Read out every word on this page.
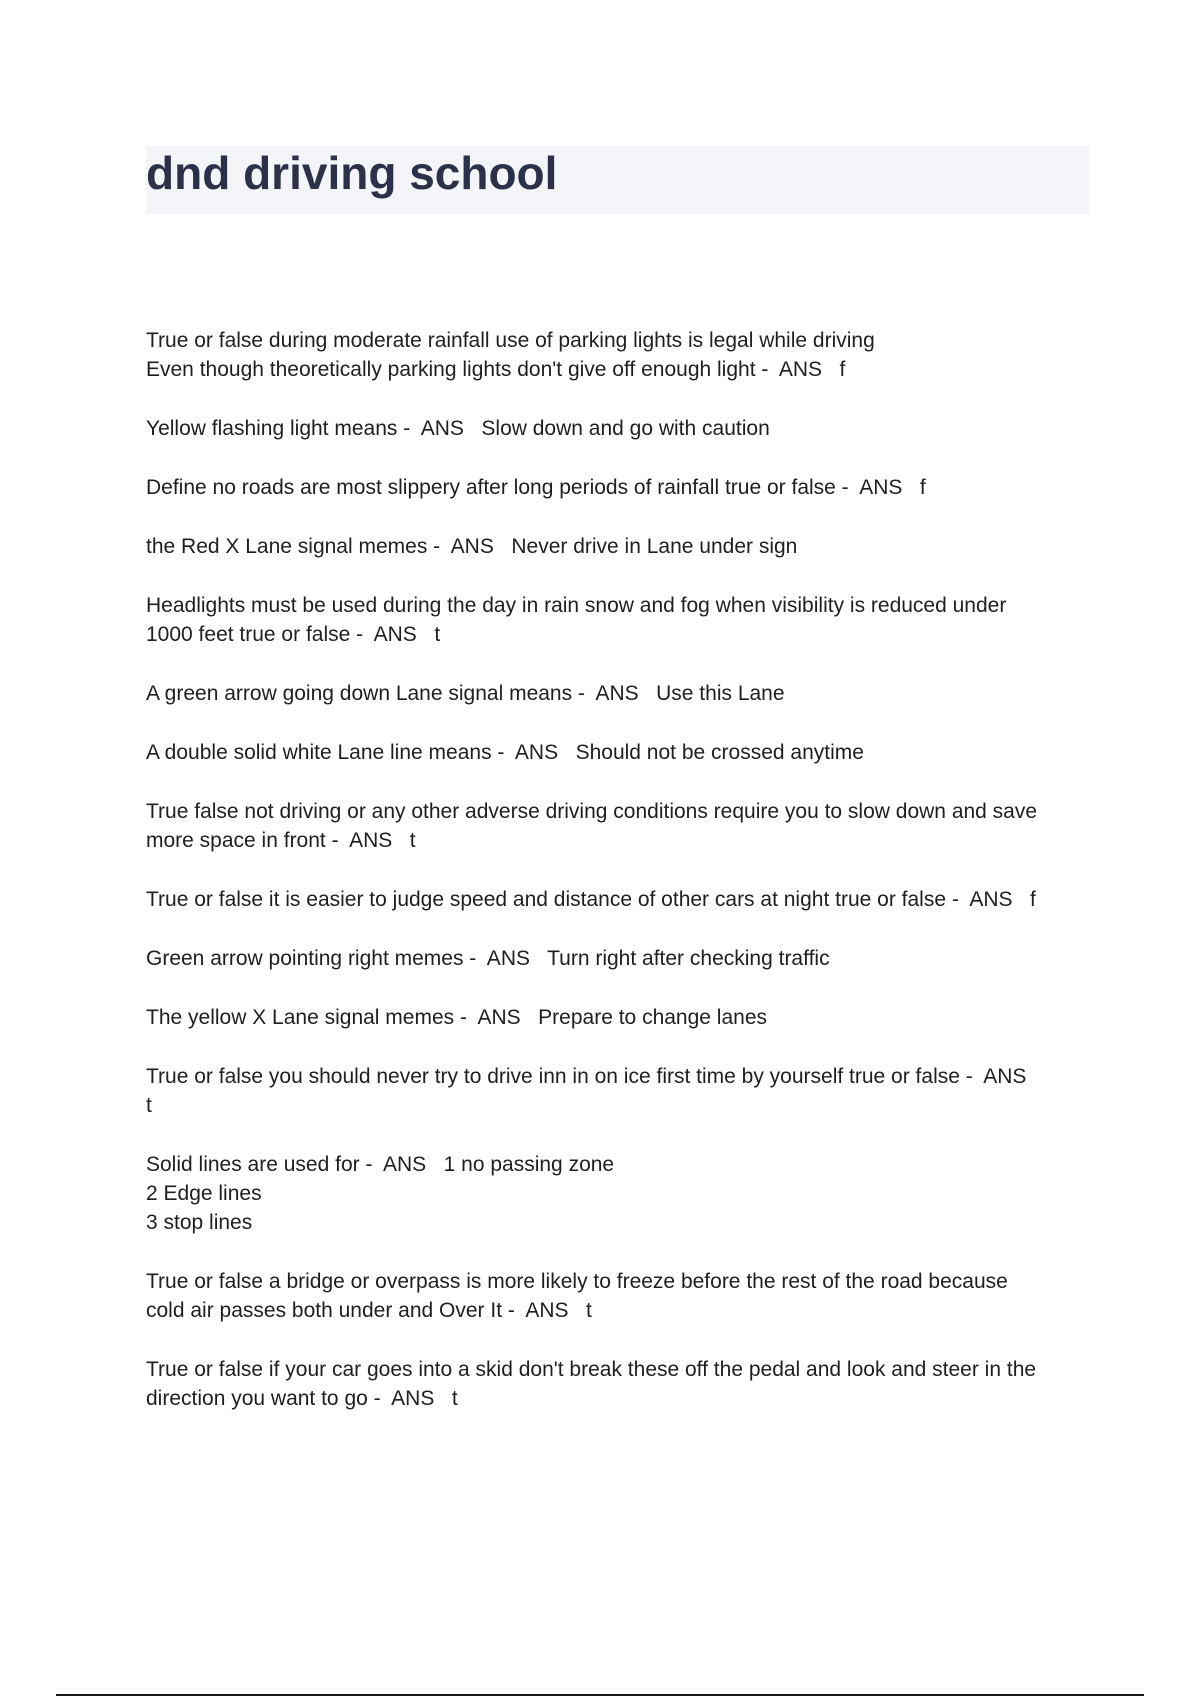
dnd driving school
True or false during moderate rainfall use of parking lights is legal while driving
Even though theoretically parking lights don't give off enough light -  ANS   f
Yellow flashing light means -  ANS   Slow down and go with caution
Define no roads are most slippery after long periods of rainfall true or false -  ANS   f
the Red X Lane signal memes -  ANS   Never drive in Lane under sign
Headlights must be used during the day in rain snow and fog when visibility is reduced under
1000 feet true or false -  ANS   t
A green arrow going down Lane signal means -  ANS   Use this Lane
A double solid white Lane line means -  ANS   Should not be crossed anytime
True false not driving or any other adverse driving conditions require you to slow down and save
more space in front -  ANS   t
True or false it is easier to judge speed and distance of other cars at night true or false -  ANS   f
Green arrow pointing right memes -  ANS   Turn right after checking traffic
The yellow X Lane signal memes -  ANS   Prepare to change lanes
True or false you should never try to drive inn in on ice first time by yourself true or false -  ANS
t
Solid lines are used for -  ANS   1 no passing zone
2 Edge lines
3 stop lines
True or false a bridge or overpass is more likely to freeze before the rest of the road because
cold air passes both under and Over It -  ANS   t
True or false if your car goes into a skid don't break these off the pedal and look and steer in the
direction you want to go -  ANS   t
